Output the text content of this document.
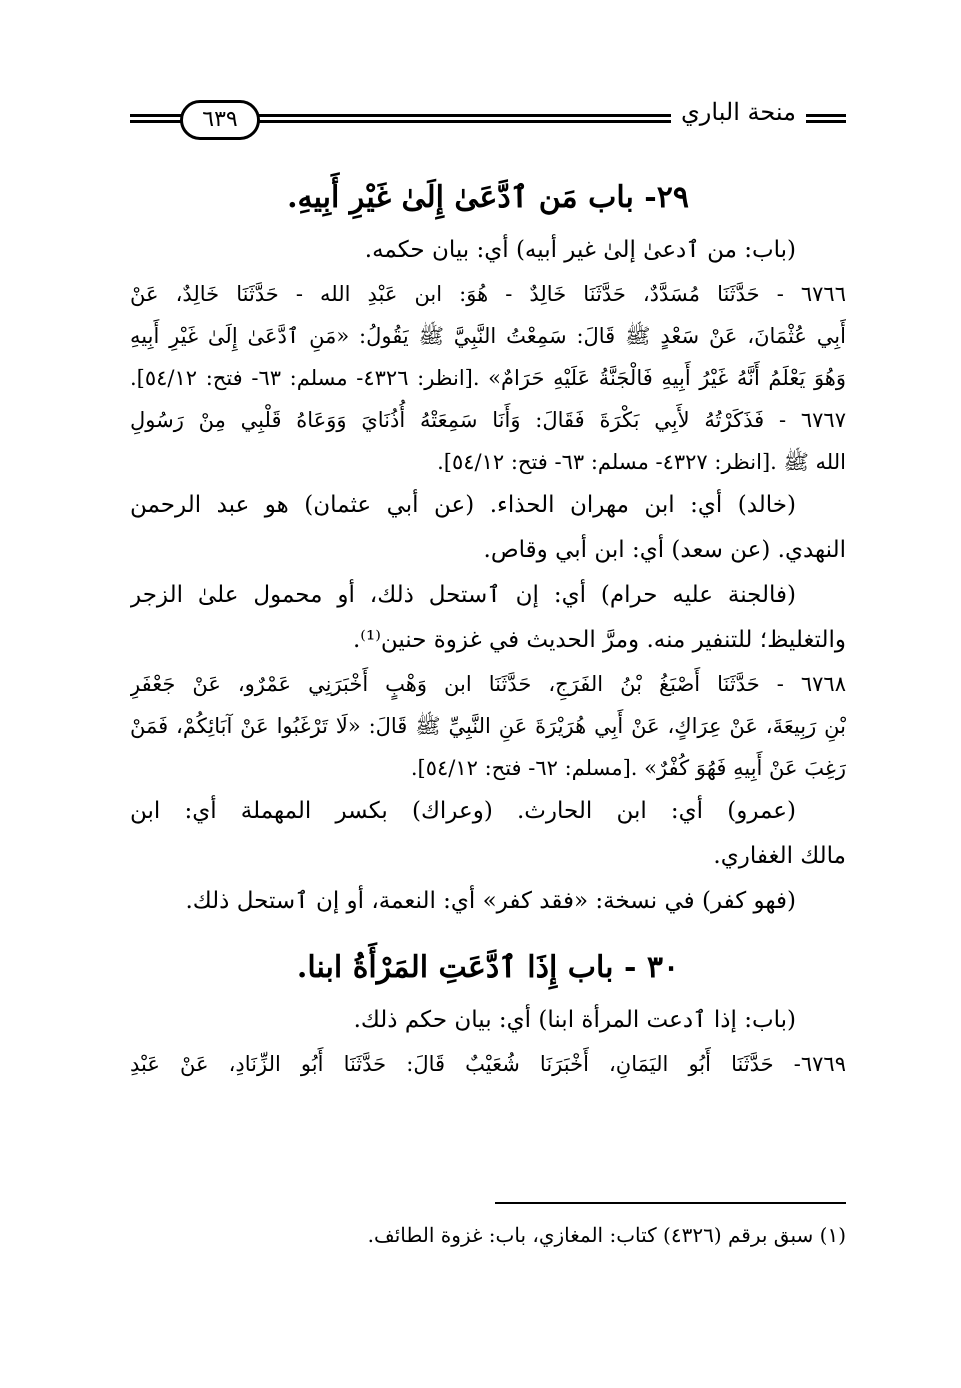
٦٣٩	منحة الباري
٢٩- باب مَن ٱدَّعَىٰ إِلَىٰ غَيْرِ أَبِيهِ.
(باب: من ٱدعىٰ إلىٰ غير أبيه) أي: بيان حكمه.
٦٧٦٦ - حَدَّثَنَا مُسَدَّدٌ، حَدَّثَنَا خَالِدٌ - هُوَ: ابن عَبْدِ الله - حَدَّثَنَا خَالِدٌ، عَنْ
أَبِي عُثْمَانَ، عَنْ سَعْدٍ ﷺ قَالَ: سَمِعْتُ النَّبِيَّ ﷺ يَقُولُ: «مَنِ ٱدَّعَىٰ إِلَىٰ غَيْرِ أَبِيهِ
وَهُوَ يَعْلَمُ أَنَّهُ غَيْرُ أَبِيهِ فَالْجَنَّةُ عَلَيْهِ حَرَامٌ» .[انظر: ٤٣٢٦- مسلم: ٦٣- فتح: ٥٤/١٢].
٦٧٦٧ - فَذَكَرْتُهُ لأَبِي بَكْرَةَ فَقَالَ: وَأَنَا سَمِعَتْهُ أُذُنَايَ وَوَعَاهُ قَلْبِي مِنْ رَسُولِ
الله ﷺ .[انظر: ٤٣٢٧- مسلم: ٦٣- فتح: ٥٤/١٢].
(خالد) أي: ابن مهران الحذاء. (عن أبي عثمان) هو عبد الرحمن
النهدي. (عن سعد) أي: ابن أبي وقاص.
(فالجنة عليه حرام) أي: إن ٱستحل ذلك، أو محمول علىٰ الزجر
والتغليظ؛ للتنفير منه. ومرَّ الحديث في غزوة حنين⁽¹⁾.
٦٧٦٨ - حَدَّثَنَا أَصْبَغُ بْنُ الفَرَجِ، حَدَّثَنَا ابن وَهْبٍ أَخْبَرَنِي عَمْرٌو، عَنْ جَعْفَرِ
بْنِ رَبِيعَةَ، عَنْ عِرَاكٍ، عَنْ أَبِي هُرَيْرَةَ عَنِ النَّبِيِّ ﷺ قَالَ: «لَا تَرْغَبُوا عَنْ آبَائِكُمْ، فَمَنْ
رَغِبَ عَنْ أَبِيهِ فَهُوَ كُفْرٌ» .[مسلم: ٦٢- فتح: ٥٤/١٢].
(عمرو) أي: ابن الحارث. (وعراك) بكسر المهملة أي: ابن
مالك الغفاري.
(فهو كفر) في نسخة: «فقد كفر» أي: النعمة، أو إن ٱستحل ذلك.
٣٠ - باب إِذَا ٱدَّعَتِ المَرْأَةُ ابنا.
(باب: إذا ٱدعت المرأة ابنا) أي: بيان حكم ذلك.
٦٧٦٩- حَدَّثَنَا أَبُو اليَمَانِ، أَخْبَرَنَا شُعَيْبٌ قَالَ: حَدَّثَنَا أَبُو الزِّنَادِ، عَنْ عَبْدِ
(١) سبق برقم (٤٣٢٦) كتاب: المغازي، باب: غزوة الطائف.
